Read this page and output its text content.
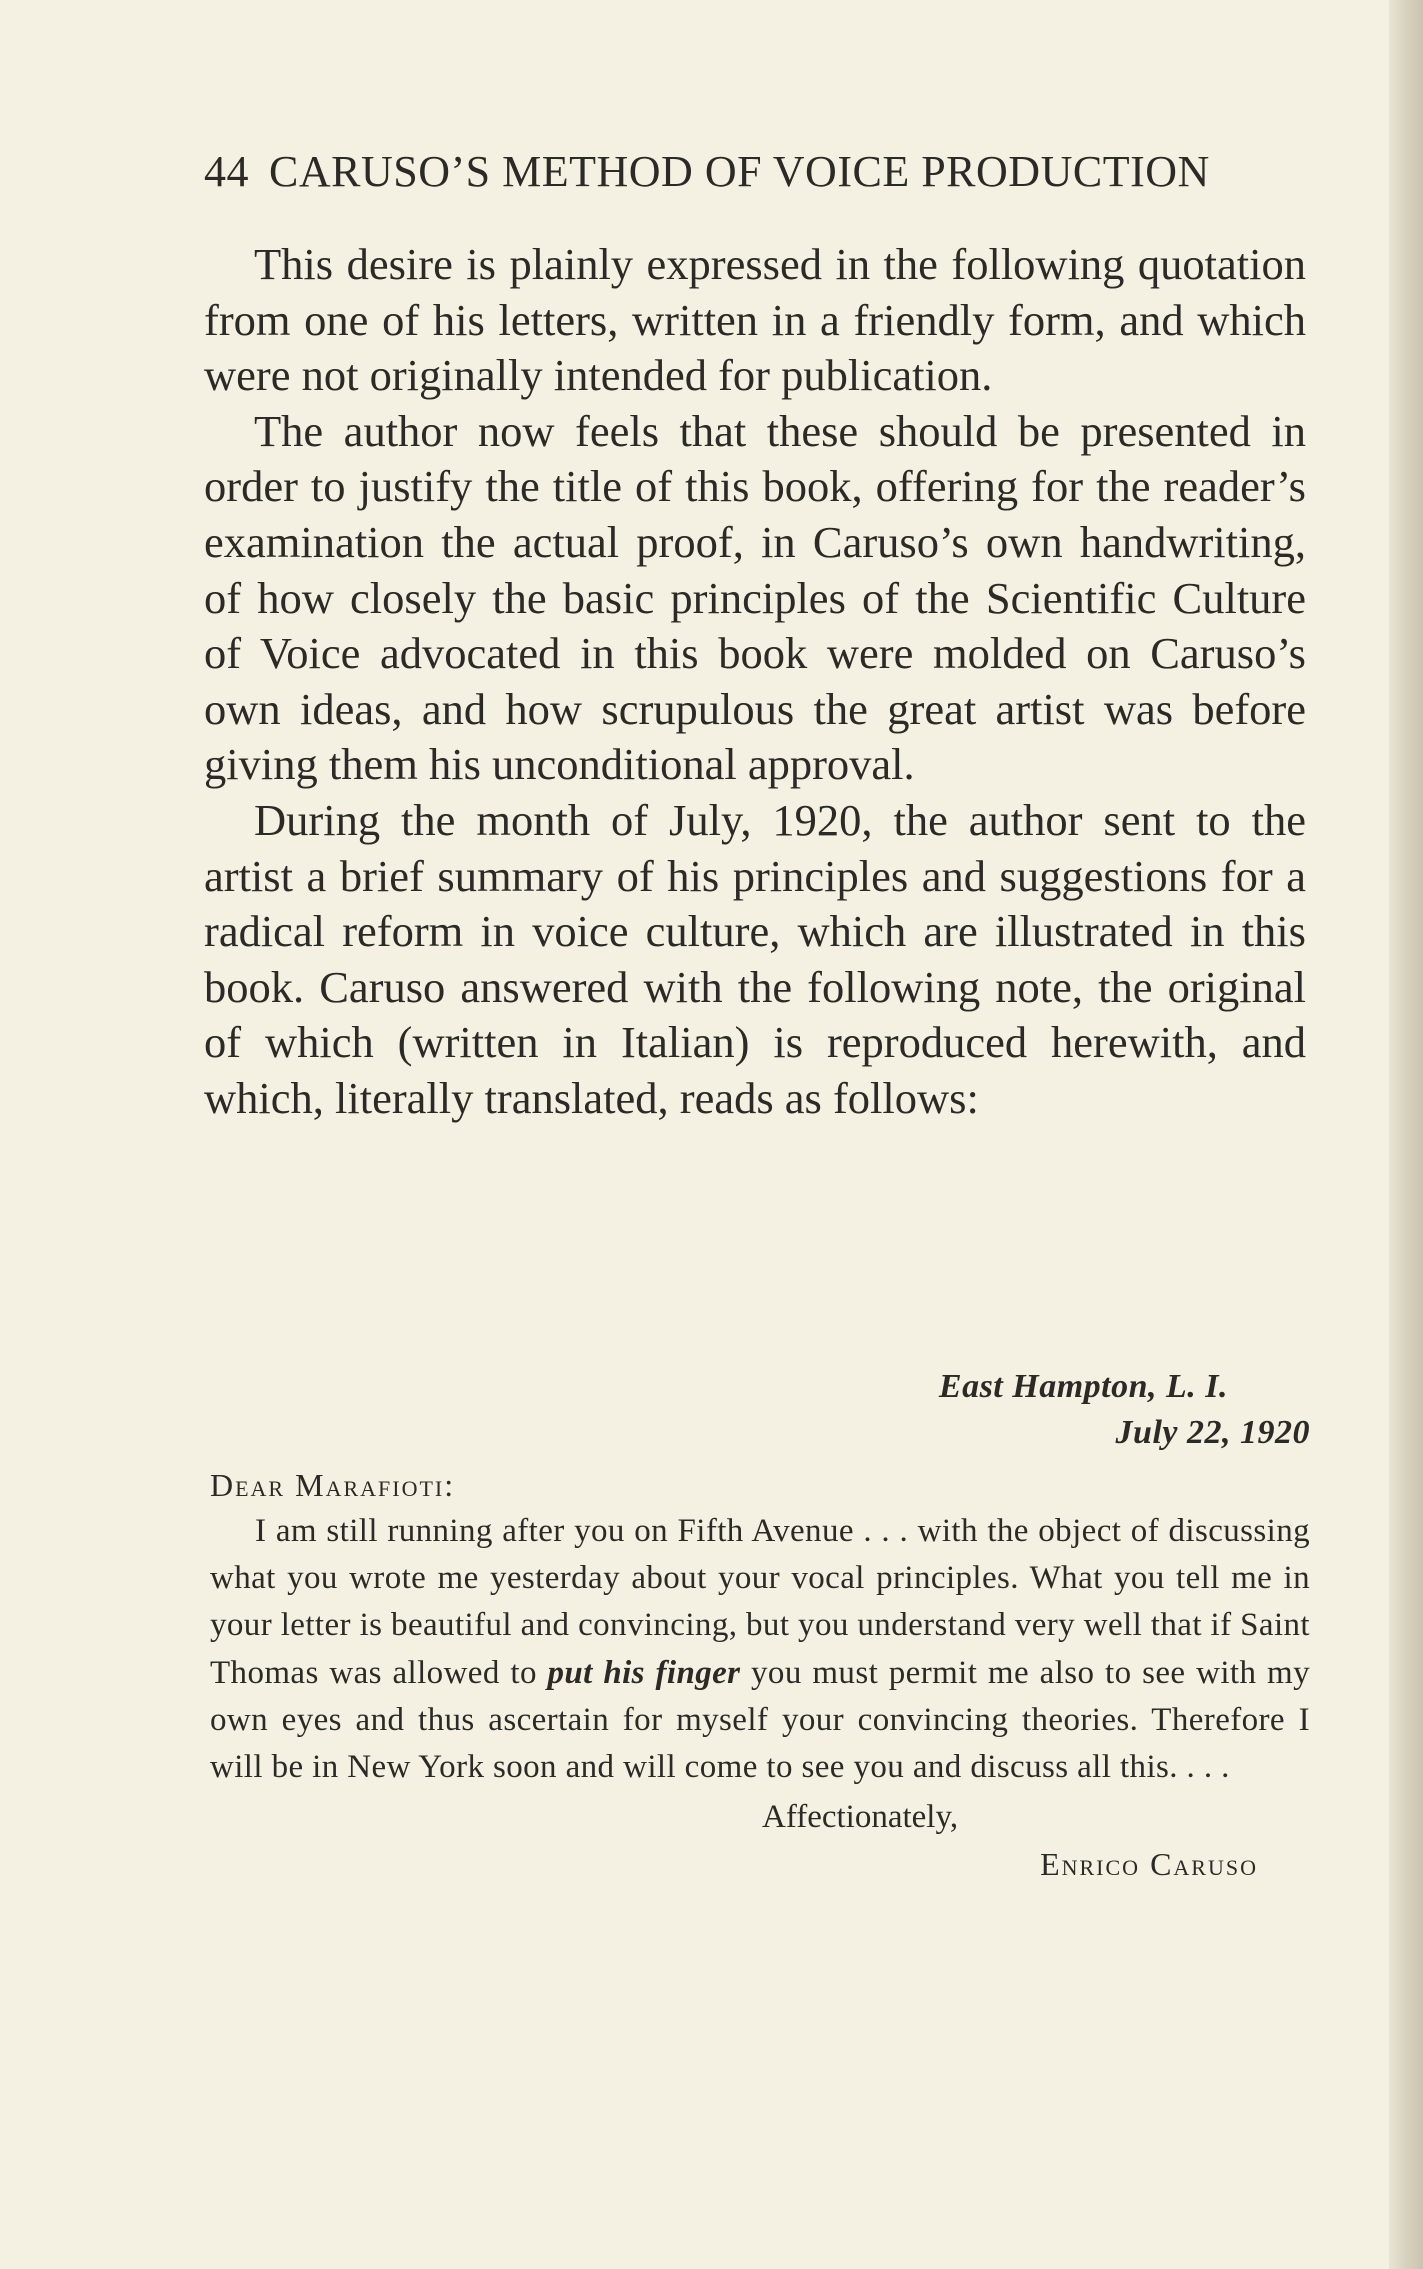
44 CARUSO’S METHOD OF VOICE PRODUCTION

This desire is plainly expressed in the following quotation from one of his letters, written in a friendly form, and which were not originally intended for publication.

The author now feels that these should be presented in order to justify the title of this book, offering for the reader’s examination the actual proof, in Caruso’s own handwriting, of how closely the basic principles of the Scientific Culture of Voice advocated in this book were molded on Caruso’s own ideas, and how scrupulous the great artist was before giving them his unconditional approval.

During the month of July, 1920, the author sent to the artist a brief summary of his principles and suggestions for a radical reform in voice culture, which are illustrated in this book. Caruso answered with the following note, the original of which (written in Italian) is reproduced herewith, and which, literally translated, reads as follows:

East Hampton, L. I.
July 22, 1920
Dear Marafioti:

I am still running after you on Fifth Avenue . . . with the object of discussing what you wrote me yesterday about your vocal principles. What you tell me in your letter is beautiful and convincing, but you understand very well that if Saint Thomas was allowed to put his finger you must permit me also to see with my own eyes and thus ascertain for myself your convincing theories. Therefore I will be in New York soon and will come to see you and discuss all this. . . .

Affectionately,
Enrico Caruso
